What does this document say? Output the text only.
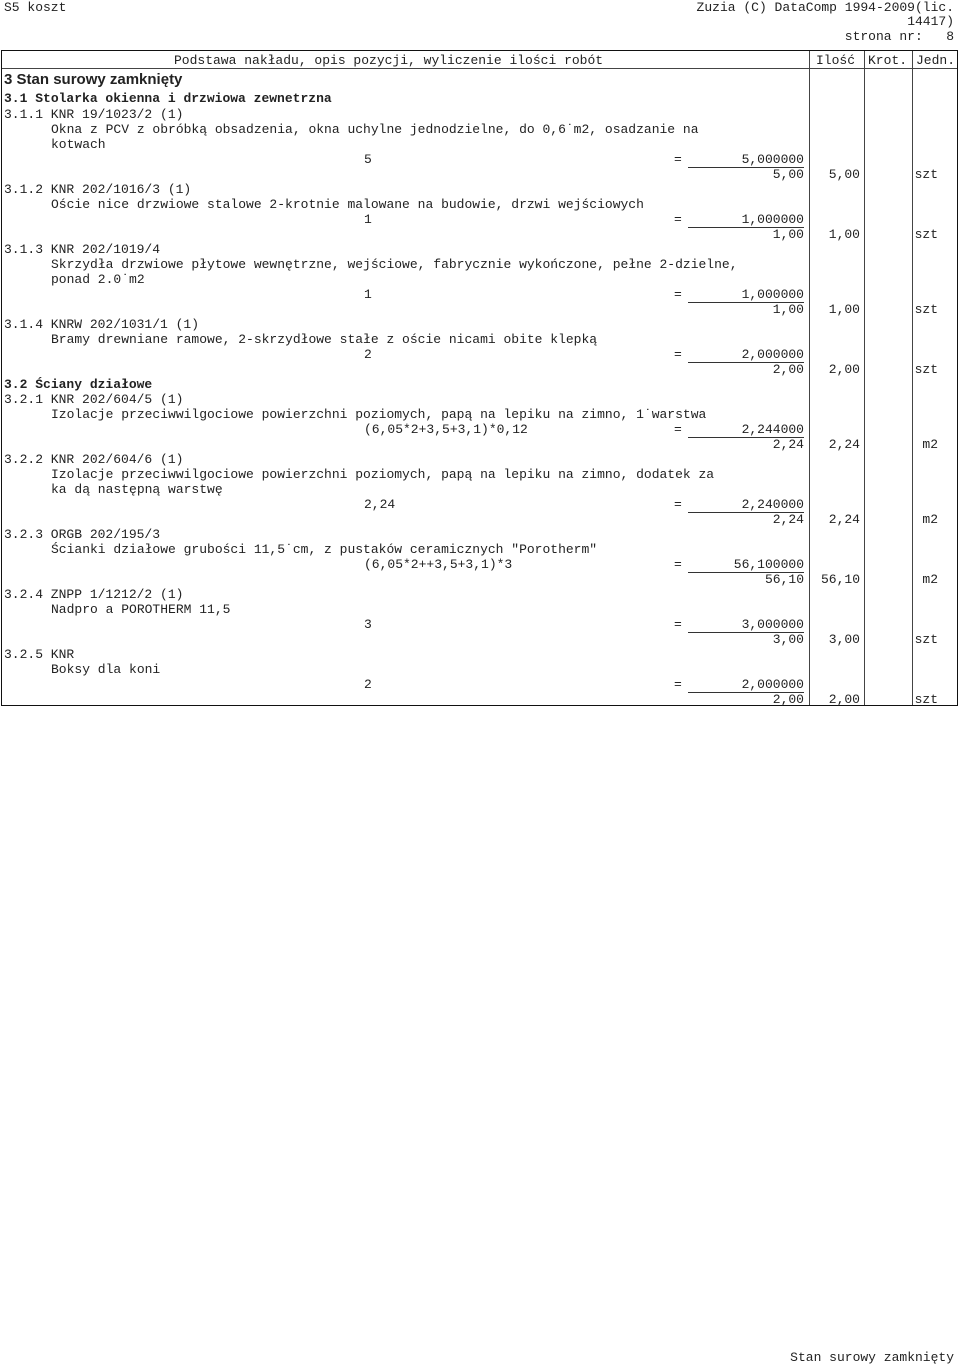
S5 koszt	Zuzia (C) DataComp 1994-2009(lic.
14417)
strona nr: 8
Podstawa nakładu, opis pozycji, wyliczenie ilości robót	Ilość Krot. Jedn.
3 Stan surowy zamknięty
3.1 Stolarka okienna i drzwiowa zewnetrzna
3.1.1 KNR 19/1023/2 (1)
Okna z PCV z obróbką obsadzenia, okna uchylne jednodzielne, do 0,6˙m2, osadzanie na
kotwach
5	=	5,000000
5,00	5,00	szt
3.1.2 KNR 202/1016/3 (1)
Oście nice drzwiowe stalowe 2-krotnie malowane na budowie, drzwi wejściowych
1	=	1,000000
1,00	1,00	szt
3.1.3 KNR 202/1019/4
Skrzydła drzwiowe płytowe wewnętrzne, wejściowe, fabrycznie wykończone, pełne 2-dzielne,
ponad 2.0˙m2
1	=	1,000000
1,00	1,00	szt
3.1.4 KNRW 202/1031/1 (1)
Bramy drewniane ramowe, 2-skrzydłowe stałe z oście nicami obite klepką
2	=	2,000000
2,00	2,00	szt
3.2 Ściany działowe
3.2.1 KNR 202/604/5 (1)
Izolacje przeciwwilgociowe powierzchni poziomych, papą na lepiku na zimno, 1˙warstwa
(6,05*2+3,5+3,1)*0,12	=	2,244000
2,24	2,24	m2
3.2.2 KNR 202/604/6 (1)
Izolacje przeciwwilgociowe powierzchni poziomych, papą na lepiku na zimno, dodatek za
ka dą następną warstwę
2,24	=	2,240000
2,24	2,24	m2
3.2.3 ORGB 202/195/3
Ścianki działowe grubości 11,5˙cm, z pustaków ceramicznych "Porotherm"
(6,05*2++3,5+3,1)*3	=	56,100000
56,10	56,10	m2
3.2.4 ZNPP 1/1212/2 (1)
Nadpro a POROTHERM 11,5
3	=	3,000000
3,00	3,00	szt
3.2.5 KNR
Boksy dla koni
2	=	2,000000
2,00	2,00	szt
Stan surowy zamknięty
